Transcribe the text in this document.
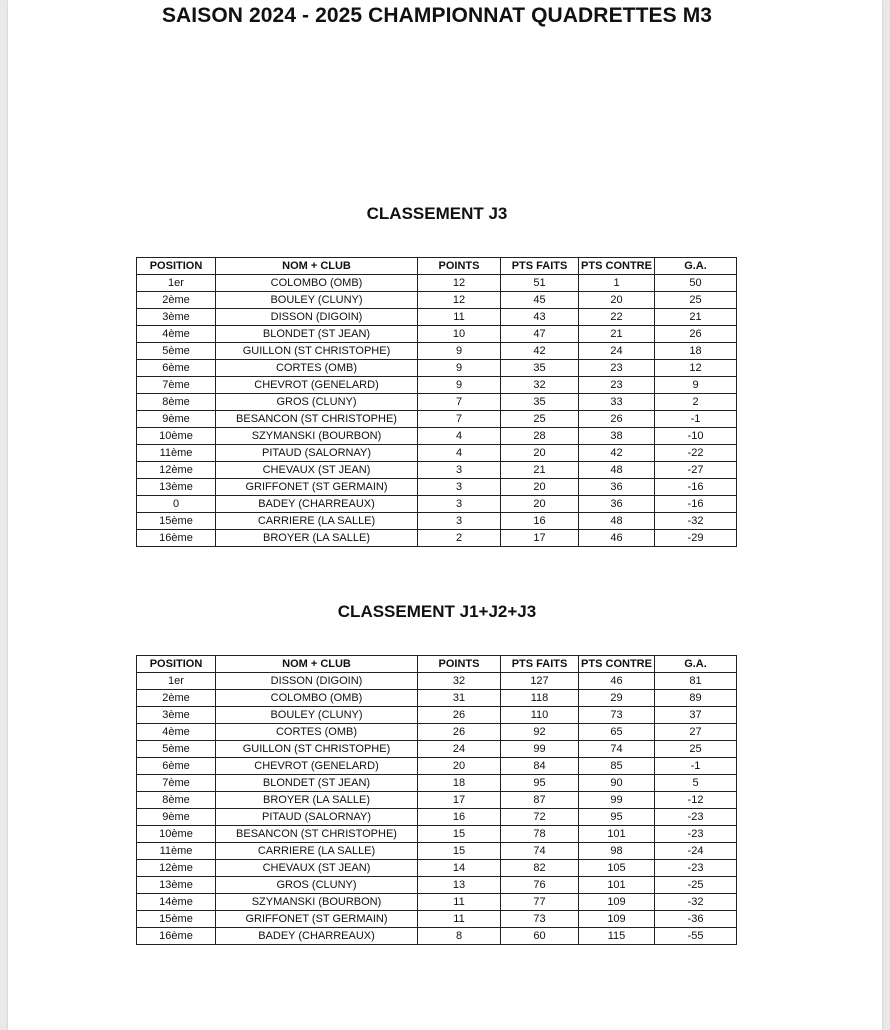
SAISON 2024 - 2025 CHAMPIONNAT QUADRETTES M3
CLASSEMENT J3
POSITION	NOM + CLUB	POINTS	PTS FAITS	PTS CONTRE	G.A.
1er	COLOMBO (OMB)	12	51	1	50
2ème	BOULEY (CLUNY)	12	45	20	25
3ème	DISSON (DIGOIN)	11	43	22	21
4ème	BLONDET (ST JEAN)	10	47	21	26
5ème	GUILLON (ST CHRISTOPHE)	9	42	24	18
6ème	CORTES (OMB)	9	35	23	12
7ème	CHEVROT (GENELARD)	9	32	23	9
8ème	GROS (CLUNY)	7	35	33	2
9ème	BESANCON (ST CHRISTOPHE)	7	25	26	-1
10ème	SZYMANSKI (BOURBON)	4	28	38	-10
11ème	PITAUD (SALORNAY)	4	20	42	-22
12ème	CHEVAUX (ST JEAN)	3	21	48	-27
13ème	GRIFFONET (ST GERMAIN)	3	20	36	-16
0	BADEY (CHARREAUX)	3	20	36	-16
15ème	CARRIERE (LA SALLE)	3	16	48	-32
16ème	BROYER (LA SALLE)	2	17	46	-29
CLASSEMENT J1+J2+J3
POSITION	NOM + CLUB	POINTS	PTS FAITS	PTS CONTRE	G.A.
1er	DISSON (DIGOIN)	32	127	46	81
2ème	COLOMBO (OMB)	31	118	29	89
3ème	BOULEY (CLUNY)	26	110	73	37
4ème	CORTES (OMB)	26	92	65	27
5ème	GUILLON (ST CHRISTOPHE)	24	99	74	25
6ème	CHEVROT (GENELARD)	20	84	85	-1
7ème	BLONDET (ST JEAN)	18	95	90	5
8ème	BROYER (LA SALLE)	17	87	99	-12
9ème	PITAUD (SALORNAY)	16	72	95	-23
10ème	BESANCON (ST CHRISTOPHE)	15	78	101	-23
11ème	CARRIERE (LA SALLE)	15	74	98	-24
12ème	CHEVAUX (ST JEAN)	14	82	105	-23
13ème	GROS (CLUNY)	13	76	101	-25
14ème	SZYMANSKI (BOURBON)	11	77	109	-32
15ème	GRIFFONET (ST GERMAIN)	11	73	109	-36
16ème	BADEY (CHARREAUX)	8	60	115	-55
